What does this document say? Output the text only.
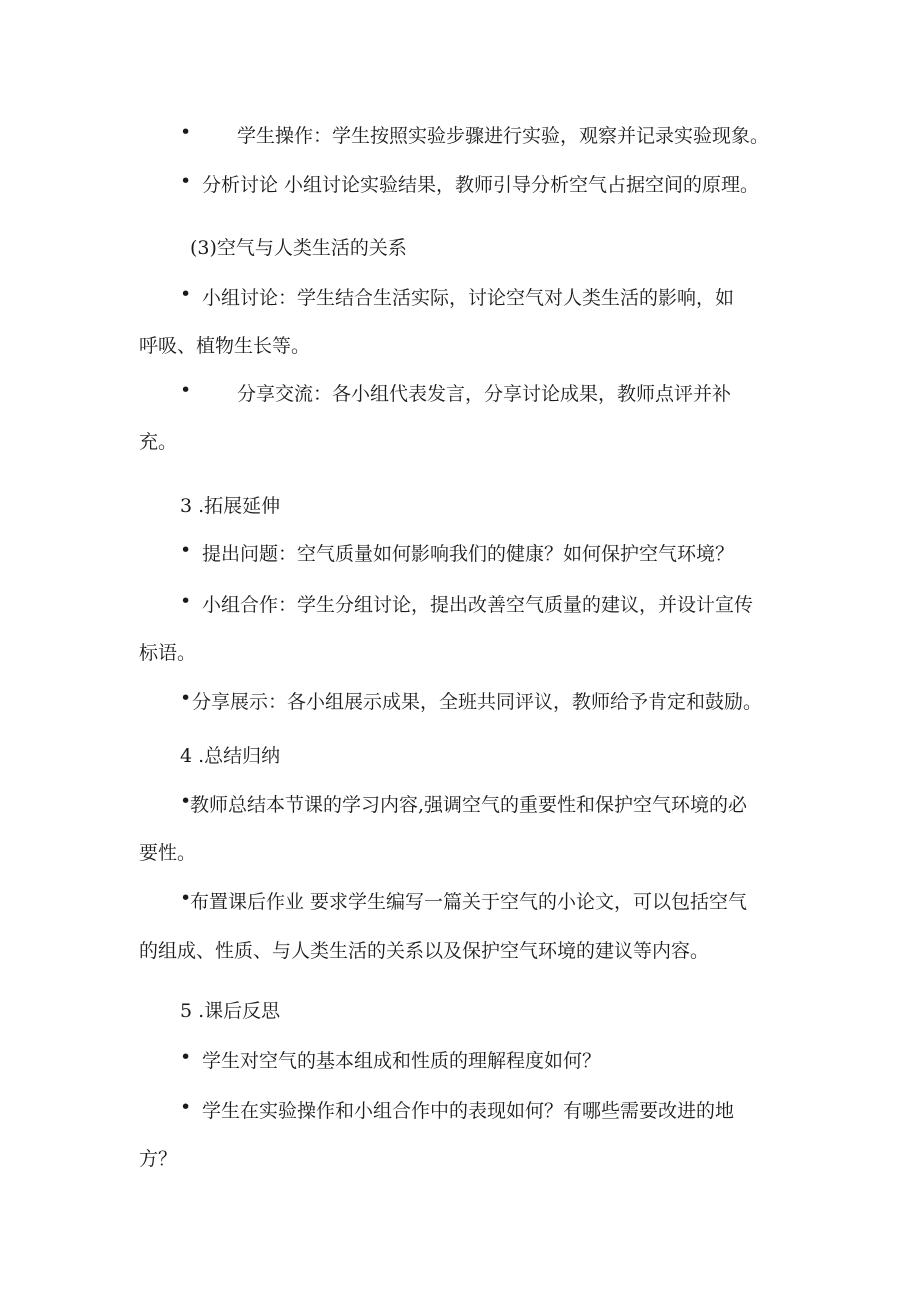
• 学生操作：学生按照实验步骤进行实验，观察并记录实验现象。
• 分析讨论 小组讨论实验结果，教师引导分析空气占据空间的原理。
(3)空气与人类生活的关系
• 小组讨论：学生结合生活实际，讨论空气对人类生活的影响，如
呼吸、植物生长等。
• 分享交流：各小组代表发言，分享讨论成果，教师点评并补
充。
3 .拓展延伸
• 提出问题：空气质量如何影响我们的健康？如何保护空气环境？
• 小组合作：学生分组讨论，提出改善空气质量的建议，并设计宣传
标语。
• 分享展示：各小组展示成果，全班共同评议，教师给予肯定和鼓励。
4 .总结归纳
•
教师总结本节课的学习内容,强调空气的重要性和保护空气环境的必
要性。
•
布置课后作业 要求学生编写一篇关于空气的小论文，可以包括空气
的组成、性质、与人类生活的关系以及保护空气环境的建议等内容。
5 .课后反思
• 学生对空气的基本组成和性质的理解程度如何？
• 学生在实验操作和小组合作中的表现如何？有哪些需要改进的地
方？
